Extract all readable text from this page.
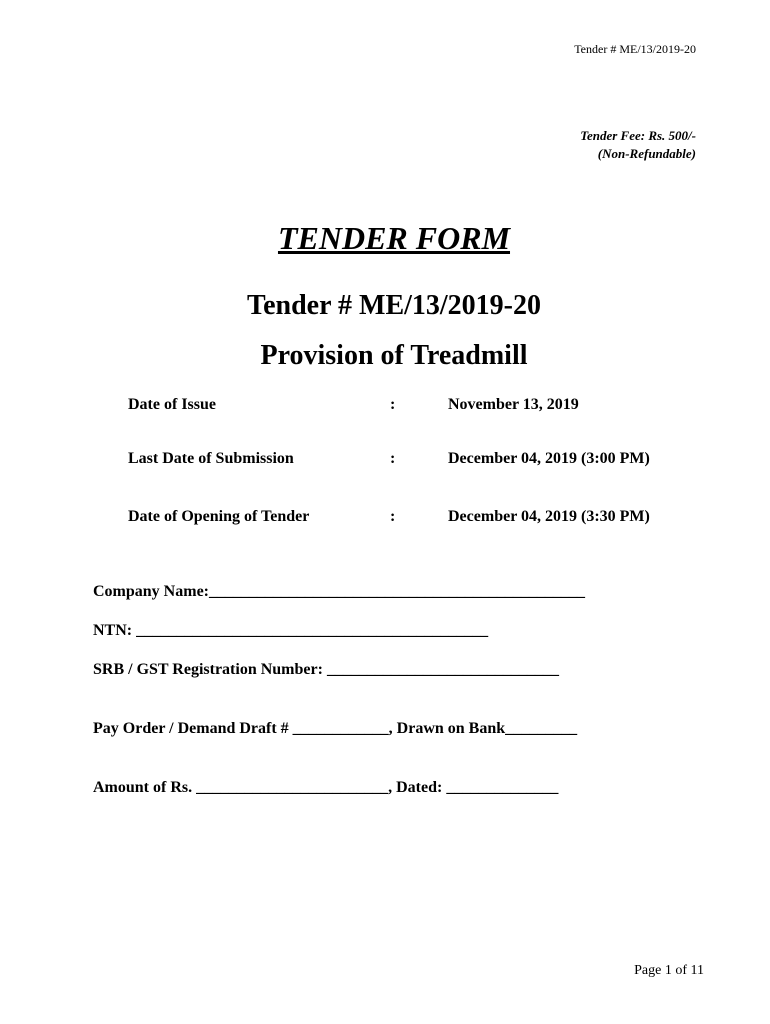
Tender # ME/13/2019-20
Tender Fee: Rs. 500/-
(Non-Refundable)
TENDER FORM
Tender # ME/13/2019-20
Provision of Treadmill
Date of Issue	:	November 13, 2019
Last Date of Submission	:	December 04, 2019 (3:00 PM)
Date of Opening of Tender	:	December 04, 2019 (3:30 PM)
Company Name:_______________________________________________
NTN: ____________________________________________
SRB / GST Registration Number: _____________________________
Pay Order / Demand Draft # ____________, Drawn on Bank_________
Amount of Rs. ________________________, Dated: ______________
Page 1 of 11
